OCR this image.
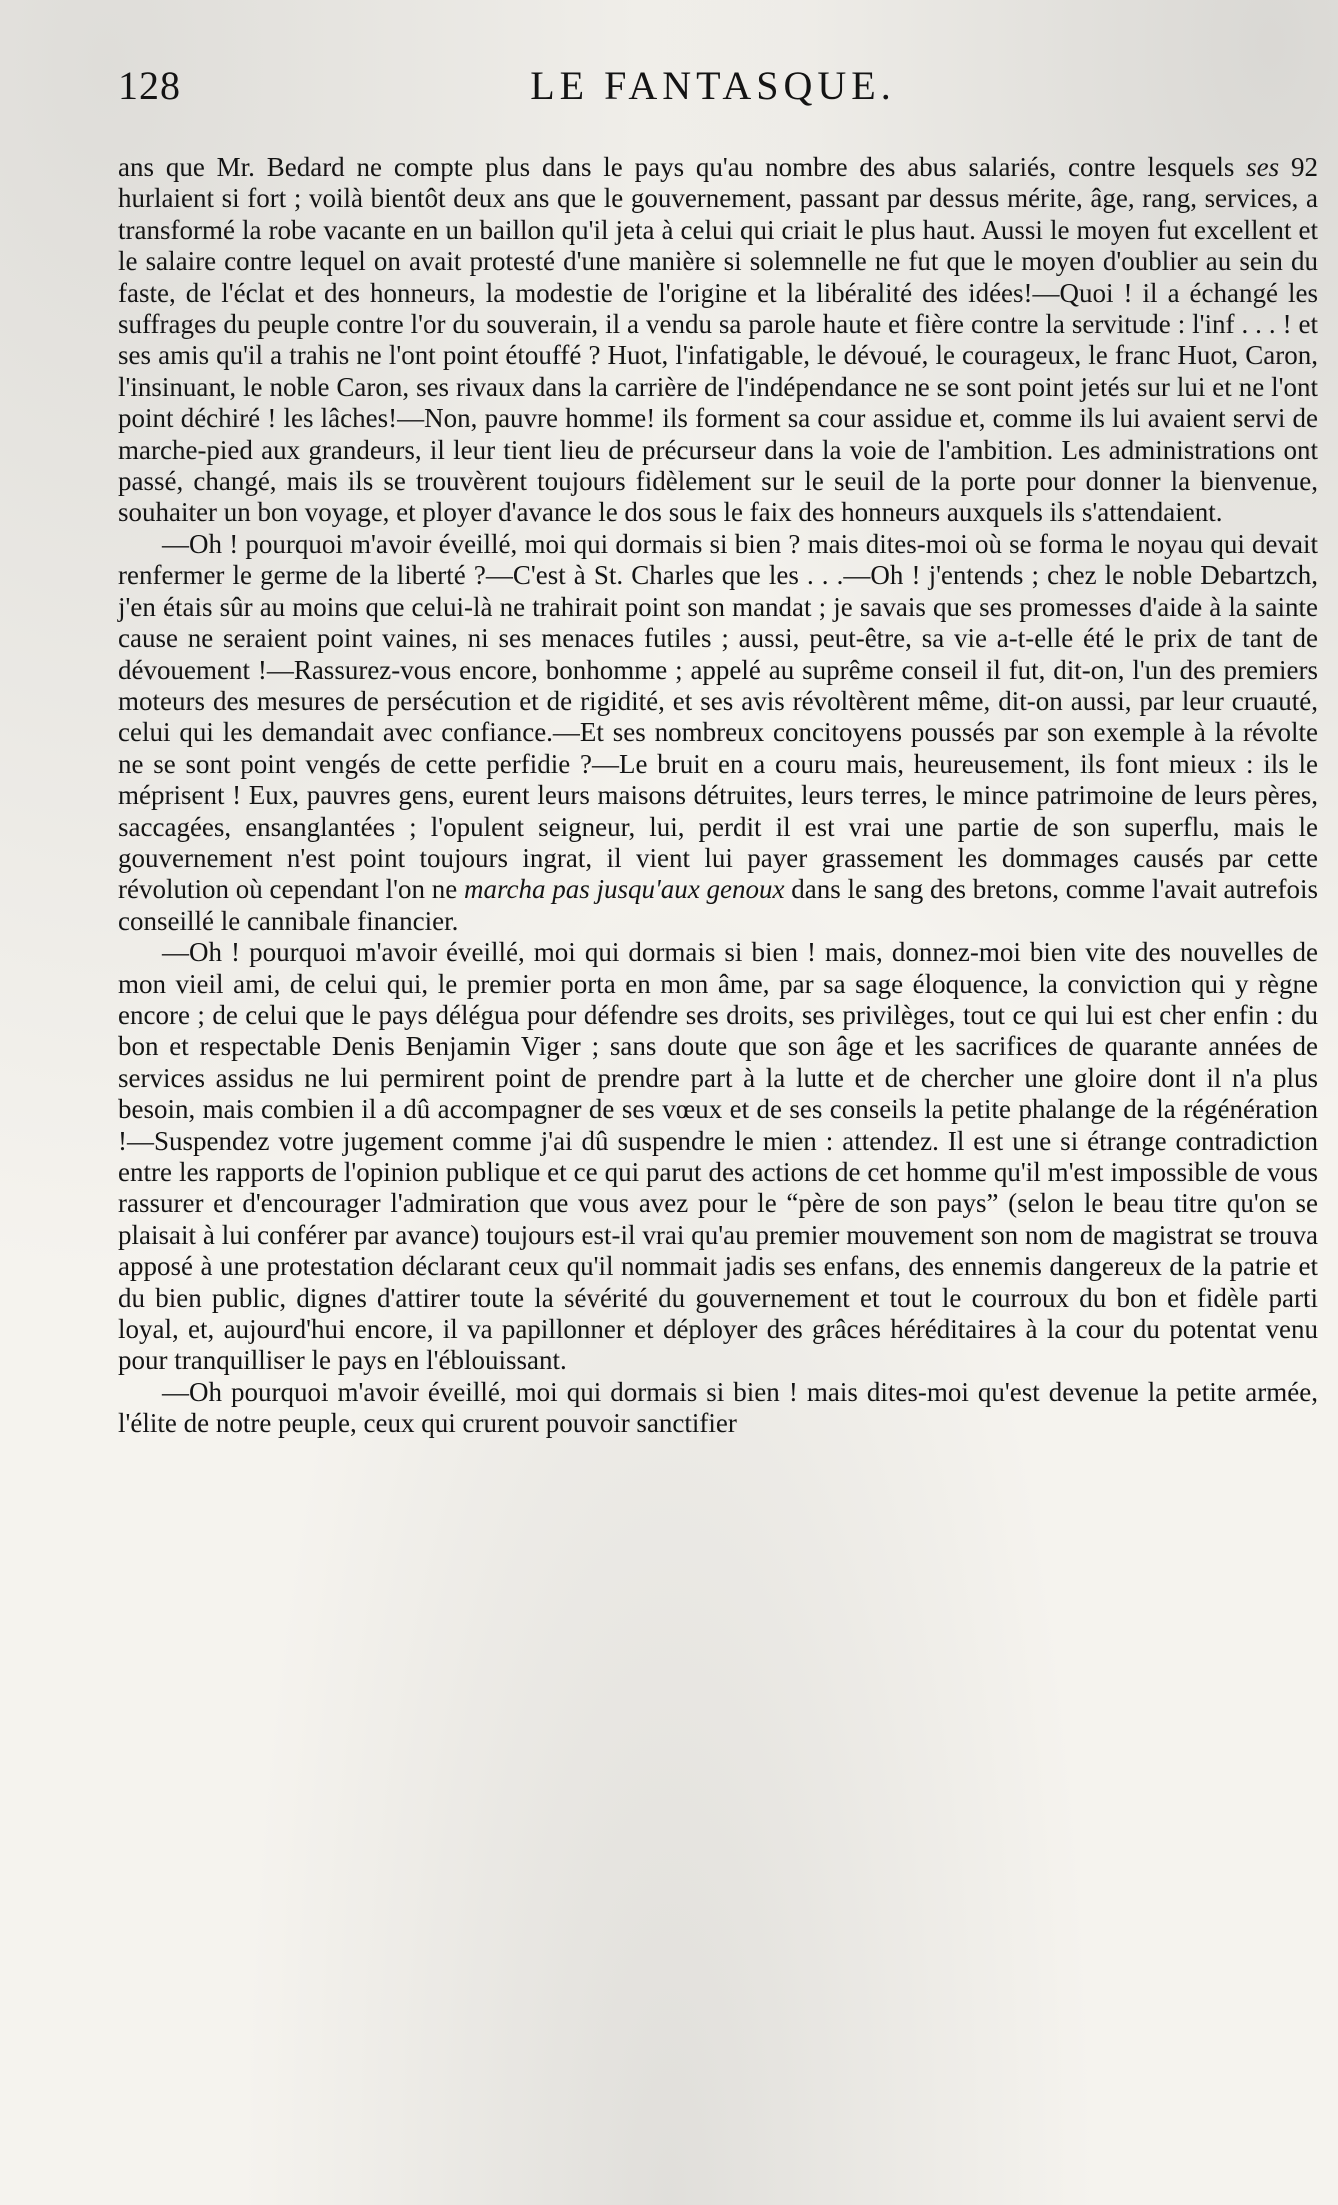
128	LE FANTASQUE.

ans que Mr. Bedard ne compte plus dans le pays qu'au nombre des abus salariés, contre lesquels ses 92 hurlaient si fort ; voilà bientôt deux ans que le gouvernement, passant par dessus mérite, âge, rang, services, a transformé la robe vacante en un baillon qu'il jeta à celui qui criait le plus haut. Aussi le moyen fut excellent et le salaire contre lequel on avait protesté d'une manière si solemnelle ne fut que le moyen d'oublier au sein du faste, de l'éclat et des honneurs, la modestie de l'origine et la libéralité des idées!—Quoi ! il a échangé les suffrages du peuple contre l'or du souverain, il a vendu sa parole haute et fière contre la servitude : l'inf . . . ! et ses amis qu'il a trahis ne l'ont point étouffé ? Huot, l'infatigable, le dévoué, le courageux, le franc Huot, Caron, l'insinuant, le noble Caron, ses rivaux dans la carrière de l'indépendance ne se sont point jetés sur lui et ne l'ont point déchiré ! les lâches!—Non, pauvre homme! ils forment sa cour assidue et, comme ils lui avaient servi de marche-pied aux grandeurs, il leur tient lieu de précurseur dans la voie de l'ambition. Les administrations ont passé, changé, mais ils se trouvèrent toujours fidèlement sur le seuil de la porte pour donner la bienvenue, souhaiter un bon voyage, et ployer d'avance le dos sous le faix des honneurs auxquels ils s'attendaient.

—Oh ! pourquoi m'avoir éveillé, moi qui dormais si bien ? mais dites-moi où se forma le noyau qui devait renfermer le germe de la liberté ?—C'est à St. Charles que les . . .—Oh ! j'entends ; chez le noble Debartzch, j'en étais sûr au moins que celui-là ne trahirait point son mandat ; je savais que ses promesses d'aide à la sainte cause ne seraient point vaines, ni ses menaces futiles ; aussi, peut-être, sa vie a-t-elle été le prix de tant de dévouement !—Rassurez-vous encore, bonhomme ; appelé au suprême conseil il fut, dit-on, l'un des premiers moteurs des mesures de persécution et de rigidité, et ses avis révoltèrent même, dit-on aussi, par leur cruauté, celui qui les demandait avec confiance.—Et ses nombreux concitoyens poussés par son exemple à la révolte ne se sont point vengés de cette perfidie ?—Le bruit en a couru mais, heureusement, ils font mieux : ils le méprisent ! Eux, pauvres gens, eurent leurs maisons détruites, leurs terres, le mince patrimoine de leurs pères, saccagées, ensanglantées ; l'opulent seigneur, lui, perdit il est vrai une partie de son superflu, mais le gouvernement n'est point toujours ingrat, il vient lui payer grassement les dommages causés par cette révolution où cependant l'on ne marcha pas jusqu'aux genoux dans le sang des bretons, comme l'avait autrefois conseillé le cannibale financier.

—Oh ! pourquoi m'avoir éveillé, moi qui dormais si bien ! mais, donnez-moi bien vite des nouvelles de mon vieil ami, de celui qui, le premier porta en mon âme, par sa sage éloquence, la conviction qui y règne encore ; de celui que le pays délégua pour défendre ses droits, ses privilèges, tout ce qui lui est cher enfin : du bon et respectable Denis Benjamin Viger ; sans doute que son âge et les sacrifices de quarante années de services assidus ne lui permirent point de prendre part à la lutte et de chercher une gloire dont il n'a plus besoin, mais combien il a dû accompagner de ses vœux et de ses conseils la petite phalange de la régénération !—Suspendez votre jugement comme j'ai dû suspendre le mien : attendez. Il est une si étrange contradiction entre les rapports de l'opinion publique et ce qui parut des actions de cet homme qu'il m'est impossible de vous rassurer et d'encourager l'admiration que vous avez pour le “père de son pays” (selon le beau titre qu'on se plaisait à lui conférer par avance) toujours est-il vrai qu'au premier mouvement son nom de magistrat se trouva apposé à une protestation déclarant ceux qu'il nommait jadis ses enfans, des ennemis dangereux de la patrie et du bien public, dignes d'attirer toute la sévérité du gouvernement et tout le courroux du bon et fidèle parti loyal, et, aujourd'hui encore, il va papillonner et déployer des grâces héréditaires à la cour du potentat venu pour tranquilliser le pays en l'éblouissant.

—Oh pourquoi m'avoir éveillé, moi qui dormais si bien ! mais dites-moi qu'est devenue la petite armée, l'élite de notre peuple, ceux qui crurent pouvoir sanctifier
